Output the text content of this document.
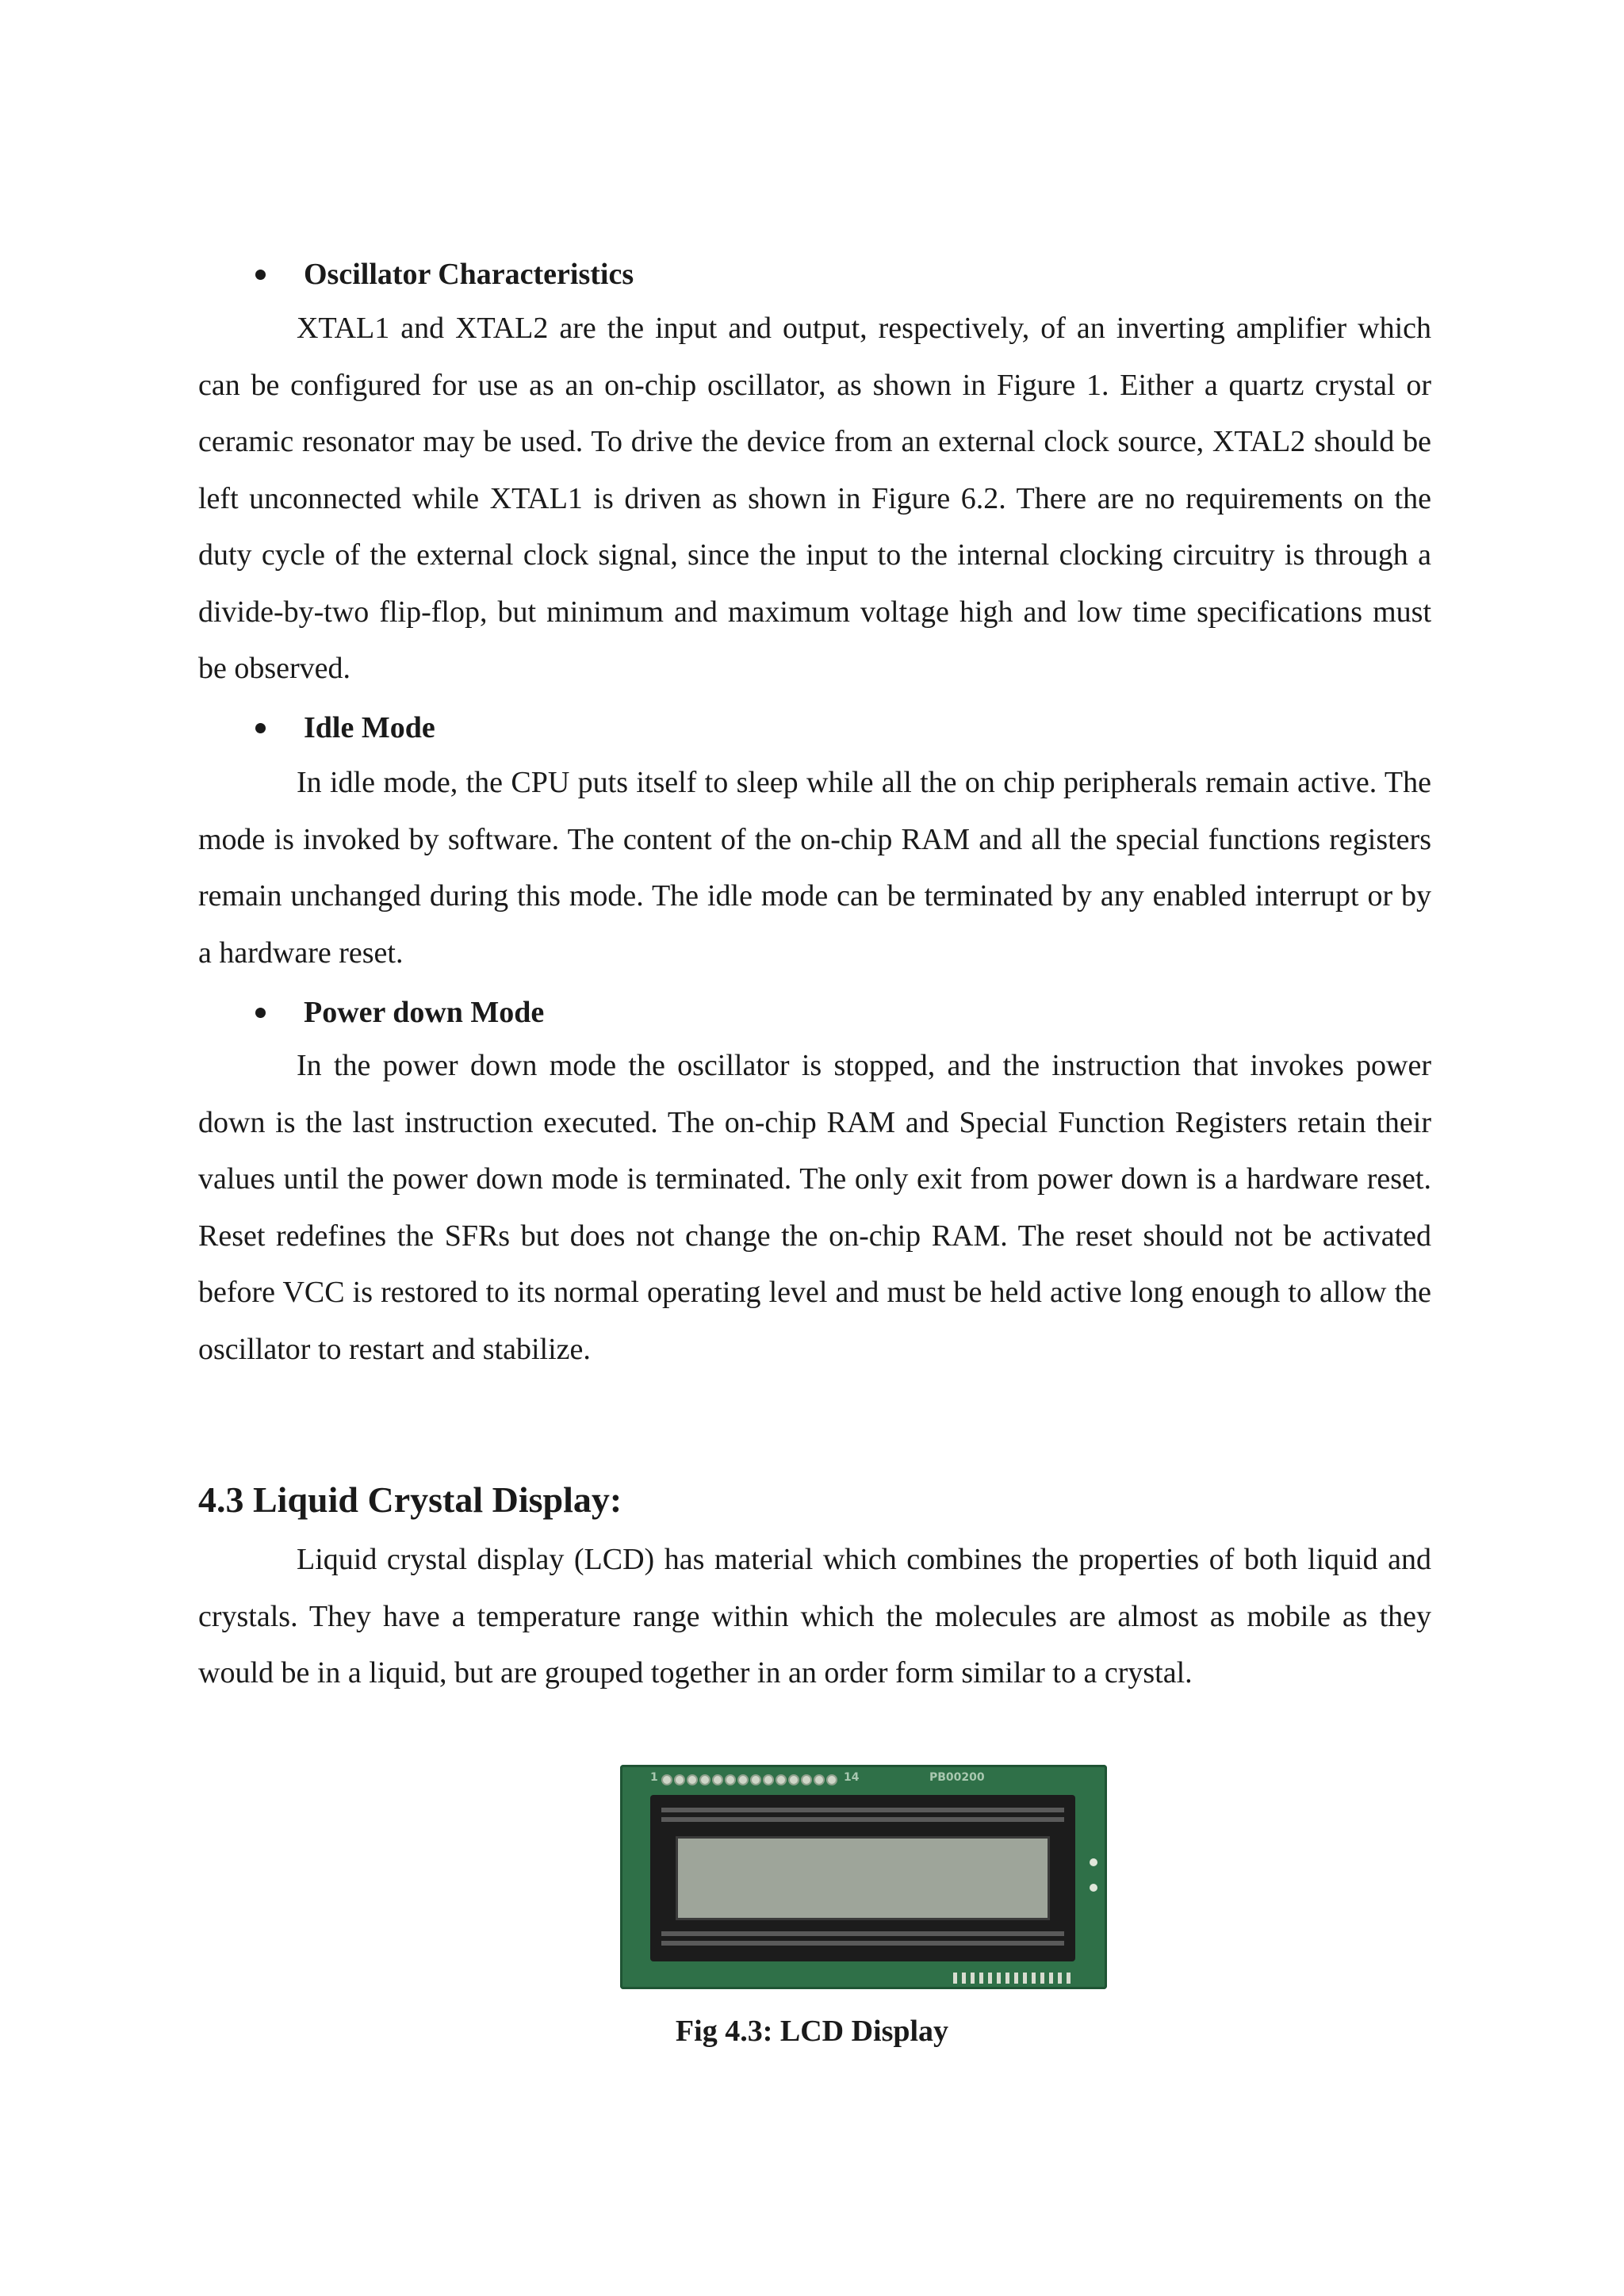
Oscillator Characteristics

XTAL1 and XTAL2 are the input and output, respectively, of an inverting amplifier which can be configured for use as an on-chip oscillator, as shown in Figure 1. Either a quartz crystal or ceramic resonator may be used. To drive the device from an external clock source, XTAL2 should be left unconnected while XTAL1 is driven as shown in Figure 6.2. There are no requirements on the duty cycle of the external clock signal, since the input to the internal clocking circuitry is through a divide-by-two flip-flop, but minimum and maximum voltage high and low time specifications must be observed.

Idle Mode

In idle mode, the CPU puts itself to sleep while all the on chip peripherals remain active. The mode is invoked by software. The content of the on-chip RAM and all the special functions registers remain unchanged during this mode. The idle mode can be terminated by any enabled interrupt or by a hardware reset.

Power down Mode

In the power down mode the oscillator is stopped, and the instruction that invokes power down is the last instruction executed. The on-chip RAM and Special Function Registers retain their values until the power down mode is terminated. The only exit from power down is a hardware reset. Reset redefines the SFRs but does not change the on-chip RAM. The reset should not be activated before VCC is restored to its normal operating level and must be held active long enough to allow the oscillator to restart and stabilize.

4.3 Liquid Crystal Display:

Liquid crystal display (LCD) has material which combines the properties of both liquid and crystals. They have a temperature range within which the molecules are almost as mobile as they would be in a liquid, but are grouped together in an order form similar to a crystal.

1	14	PB00200
Fig 4.3: LCD Display
